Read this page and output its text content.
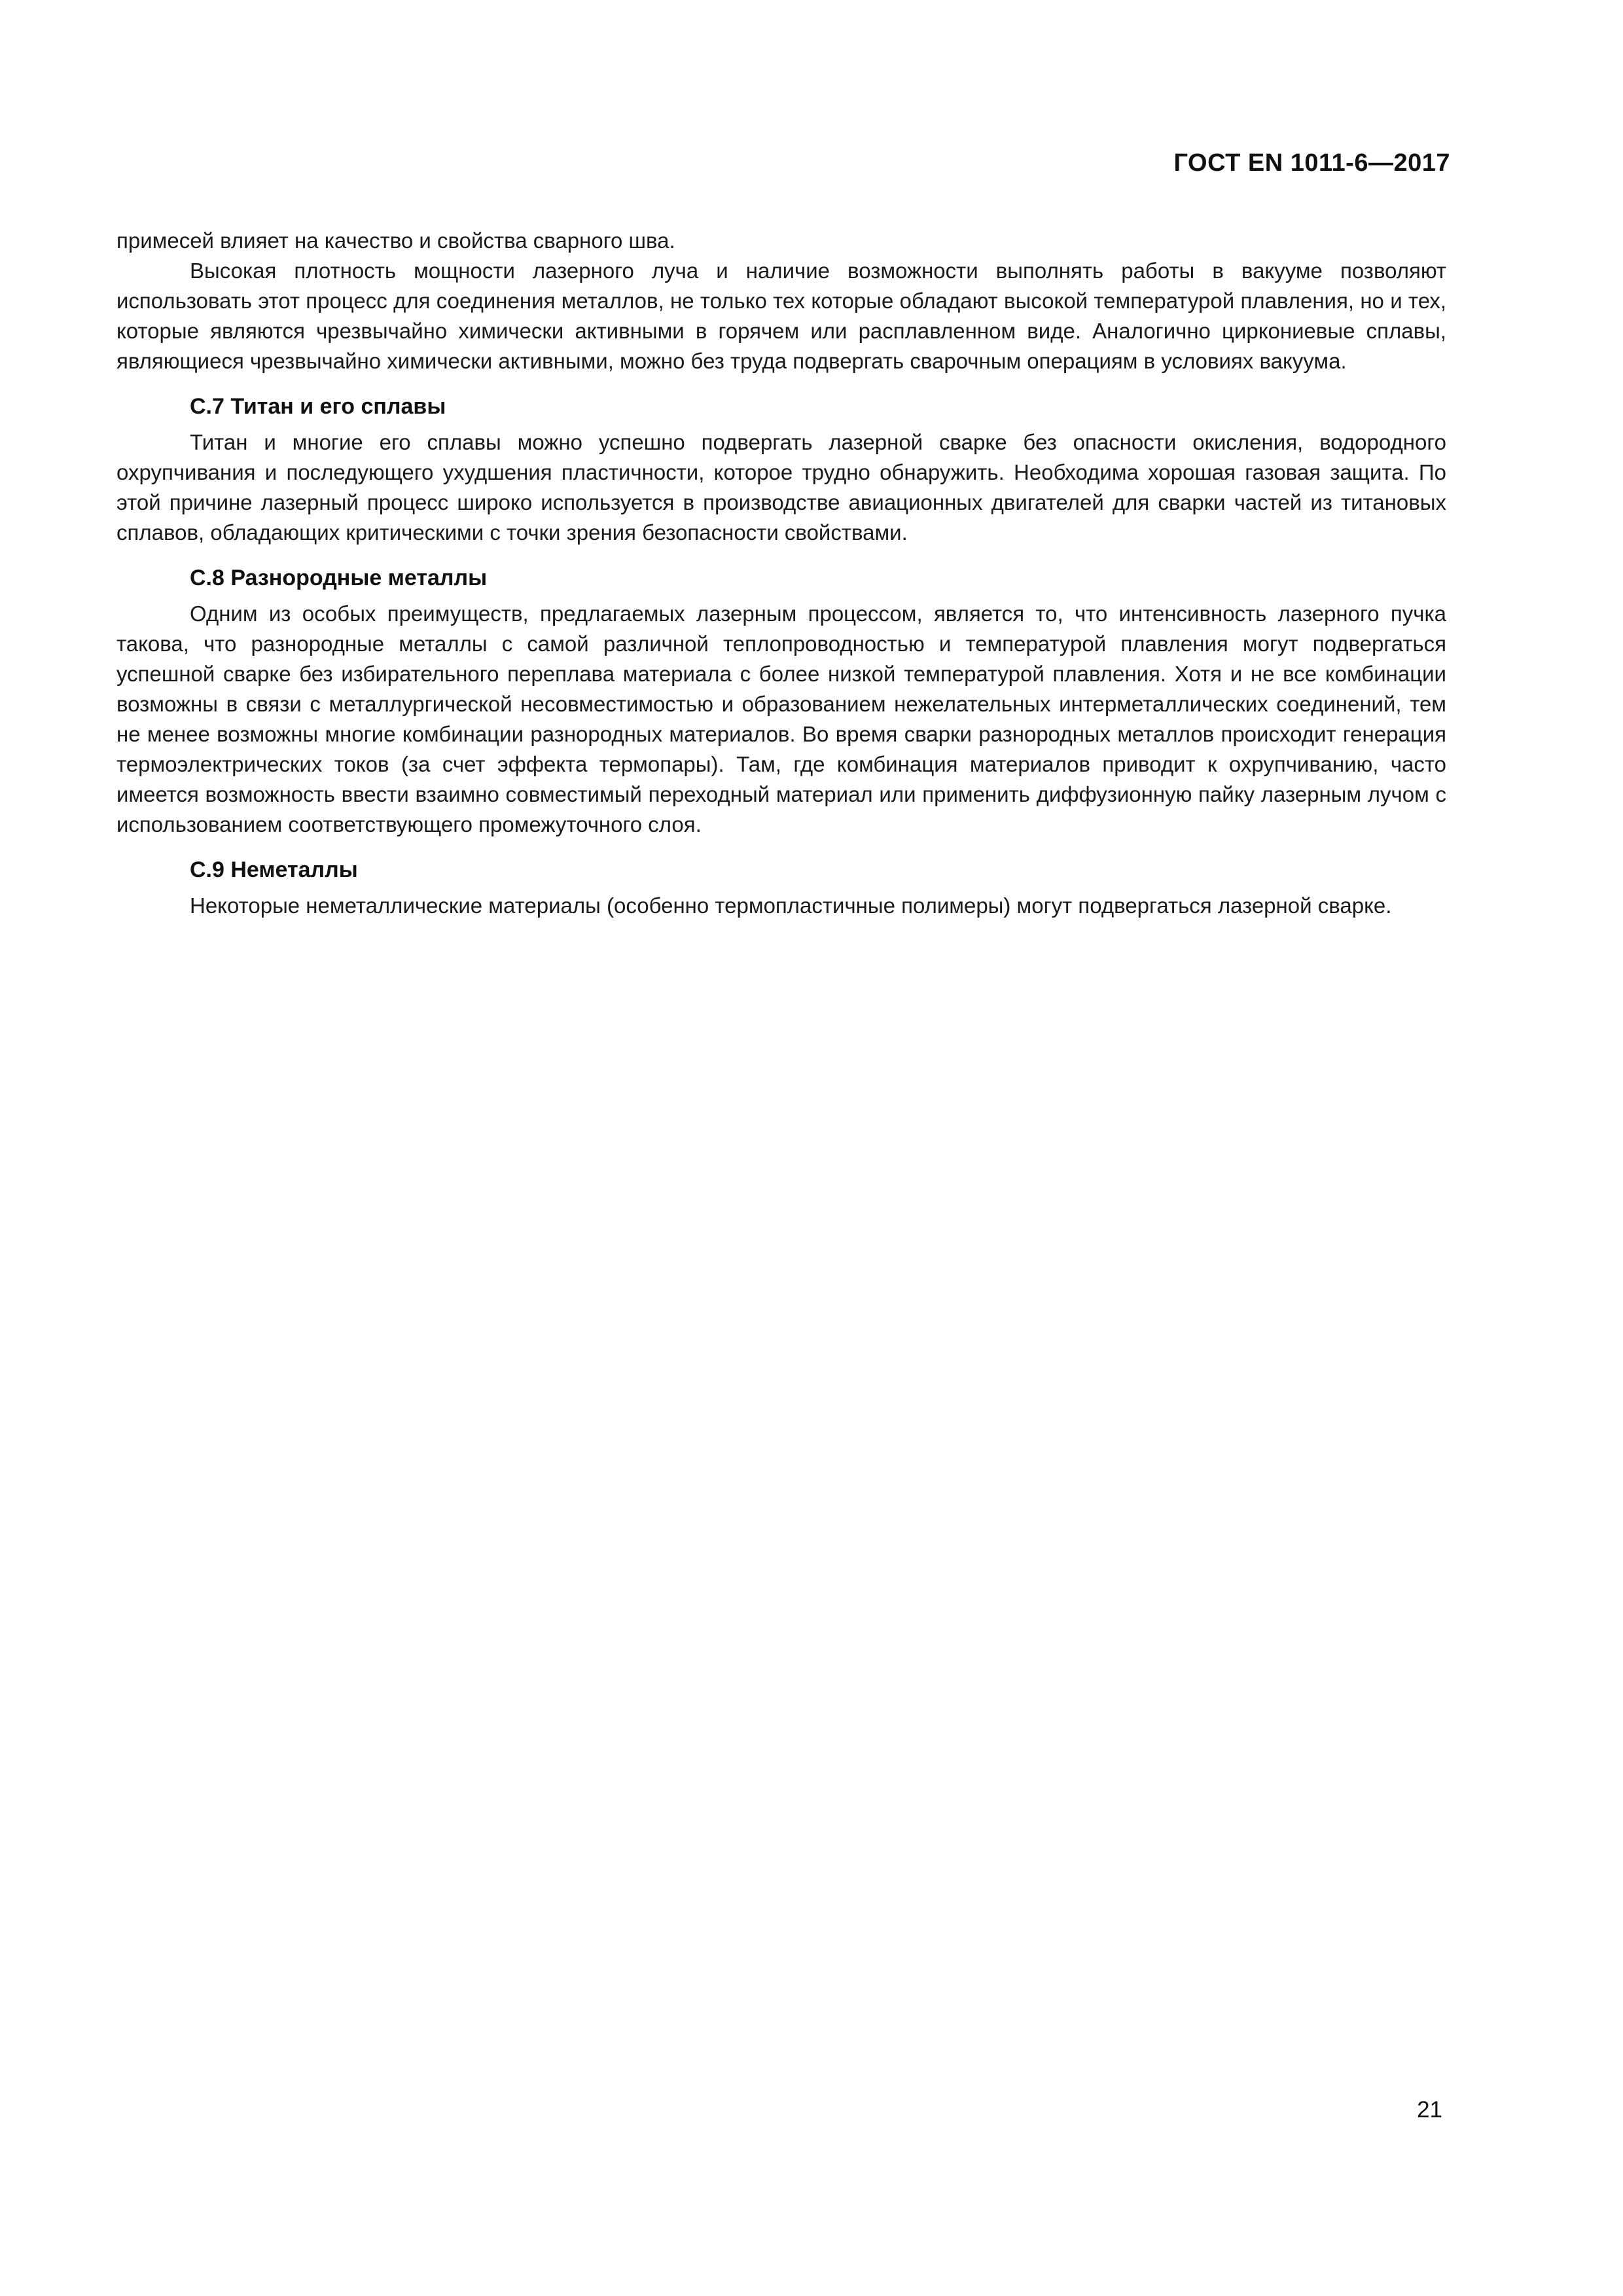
ГОСТ EN 1011-6—2017

примесей влияет на качество и свойства сварного шва.

Высокая плотность мощности лазерного луча и наличие возможности выполнять работы в вакууме позволяют использовать этот процесс для соединения металлов, не только тех которые обладают высокой температурой плавления, но и тех, которые являются чрезвычайно химически активными в горячем или расплавленном виде. Аналогично циркониевые сплавы, являющиеся чрезвычайно химически активными, можно без труда подвергать сварочным операциям в условиях вакуума.

С.7 Титан и его сплавы

Титан и многие его сплавы можно успешно подвергать лазерной сварке без опасности окисления, водородного охрупчивания и последующего ухудшения пластичности, которое трудно обнаружить. Необходима хорошая газовая защита. По этой причине лазерный процесс широко используется в производстве авиационных двигателей для сварки частей из титановых сплавов, обладающих критическими с точки зрения безопасности свойствами.

С.8 Разнородные металлы

Одним из особых преимуществ, предлагаемых лазерным процессом, является то, что интенсивность лазерного пучка такова, что разнородные металлы с самой различной теплопроводностью и температурой плавления могут подвергаться успешной сварке без избирательного переплава материала с более низкой температурой плавления. Хотя и не все комбинации возможны в связи с металлургической несовместимостью и образованием нежелательных интерметаллических соединений, тем не менее возможны многие комбинации разнородных материалов. Во время сварки разнородных металлов происходит генерация термоэлектрических токов (за счет эффекта термопары). Там, где комбинация материалов приводит к охрупчиванию, часто имеется возможность ввести взаимно совместимый переходный материал или применить диффузионную пайку лазерным лучом с использованием соответствующего промежуточного слоя.

С.9 Неметаллы

Некоторые неметаллические материалы (особенно термопластичные полимеры) могут подвергаться лазерной сварке.

21
